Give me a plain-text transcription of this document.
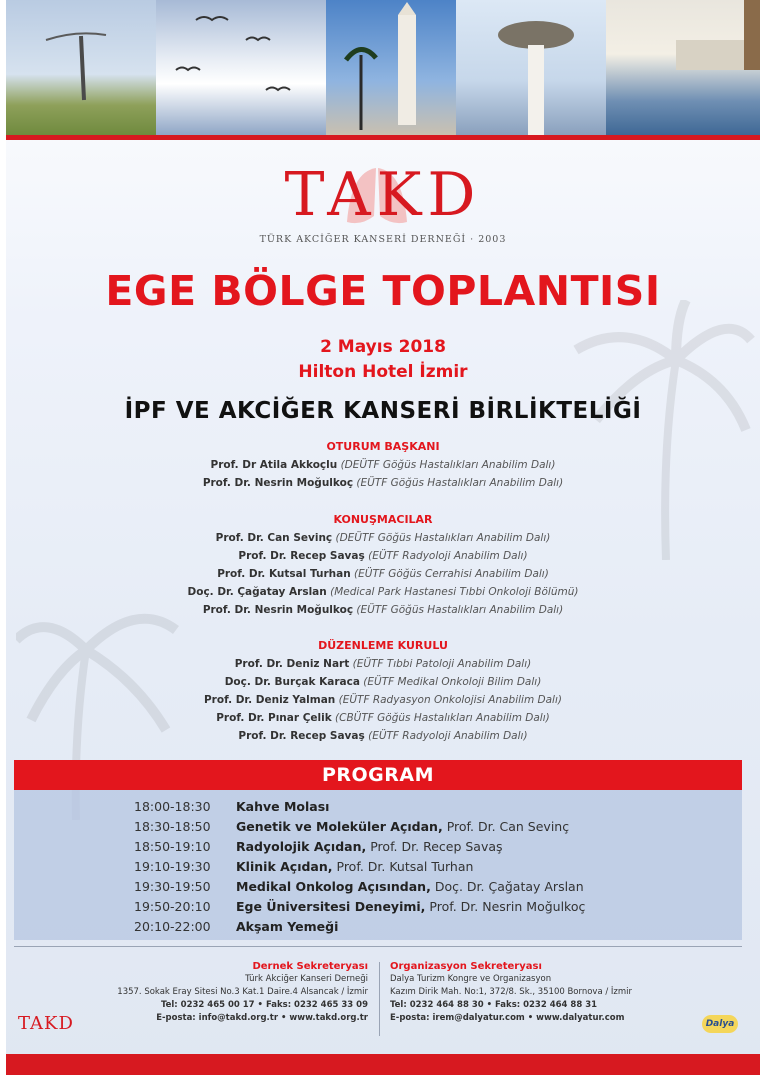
TAKD
TÜRK AKCİĞER KANSERİ DERNEĞİ · 2003
EGE BÖLGE TOPLANTISI
2 Mayıs 2018
Hilton Hotel İzmir
İPF VE AKCİĞER KANSERİ BİRLİKTELİĞİ
OTURUM BAŞKANI
Prof. Dr Atila Akkoçlu (DEÜTF Göğüs Hastalıkları Anabilim Dalı)
Prof. Dr. Nesrin Moğulkoç (EÜTF Göğüs Hastalıkları Anabilim Dalı)
KONUŞMACILAR
Prof. Dr. Can Sevinç (DEÜTF Göğüs Hastalıkları Anabilim Dalı)
Prof. Dr. Recep Savaş (EÜTF Radyoloji Anabilim Dalı)
Prof. Dr. Kutsal Turhan (EÜTF Göğüs Cerrahisi Anabilim Dalı)
Doç. Dr. Çağatay Arslan (Medical Park Hastanesi Tıbbi Onkoloji Bölümü)
Prof. Dr. Nesrin Moğulkoç (EÜTF Göğüs Hastalıkları Anabilim Dalı)
DÜZENLEME KURULU
Prof. Dr. Deniz Nart (EÜTF Tıbbi Patoloji Anabilim Dalı)
Doç. Dr. Burçak Karaca (EÜTF Medikal Onkoloji Bilim Dalı)
Prof. Dr. Deniz Yalman (EÜTF Radyasyon Onkolojisi Anabilim Dalı)
Prof. Dr. Pınar Çelik (CBÜTF Göğüs Hastalıkları Anabilim Dalı)
Prof. Dr. Recep Savaş (EÜTF Radyoloji Anabilim Dalı)
PROGRAM
18:00-18:30 Kahve Molası
18:30-18:50 Genetik ve Moleküler Açıdan, Prof. Dr. Can Sevinç
18:50-19:10 Radyolojik Açıdan, Prof. Dr. Recep Savaş
19:10-19:30 Klinik Açıdan, Prof. Dr. Kutsal Turhan
19:30-19:50 Medikal Onkolog Açısından, Doç. Dr. Çağatay Arslan
19:50-20:10 Ege Üniversitesi Deneyimi, Prof. Dr. Nesrin Moğulkoç
20:10-22:00 Akşam Yemeği
Dernek Sekreteryası
Türk Akciğer Kanseri Derneği
1357. Sokak Eray Sitesi No.3 Kat.1 Daire.4 Alsancak / İzmir
Tel: 0232 465 00 17 • Faks: 0232 465 33 09
E-posta: info@takd.org.tr • www.takd.org.tr
Organizasyon Sekreteryası
Dalya Turizm Kongre ve Organizasyon
Kazım Dirik Mah. No:1, 372/8. Sk., 35100 Bornova / İzmir
Tel: 0232 464 88 30 • Faks: 0232 464 88 31
E-posta: irem@dalyatur.com • www.dalyatur.com
TAKD	Dalya
